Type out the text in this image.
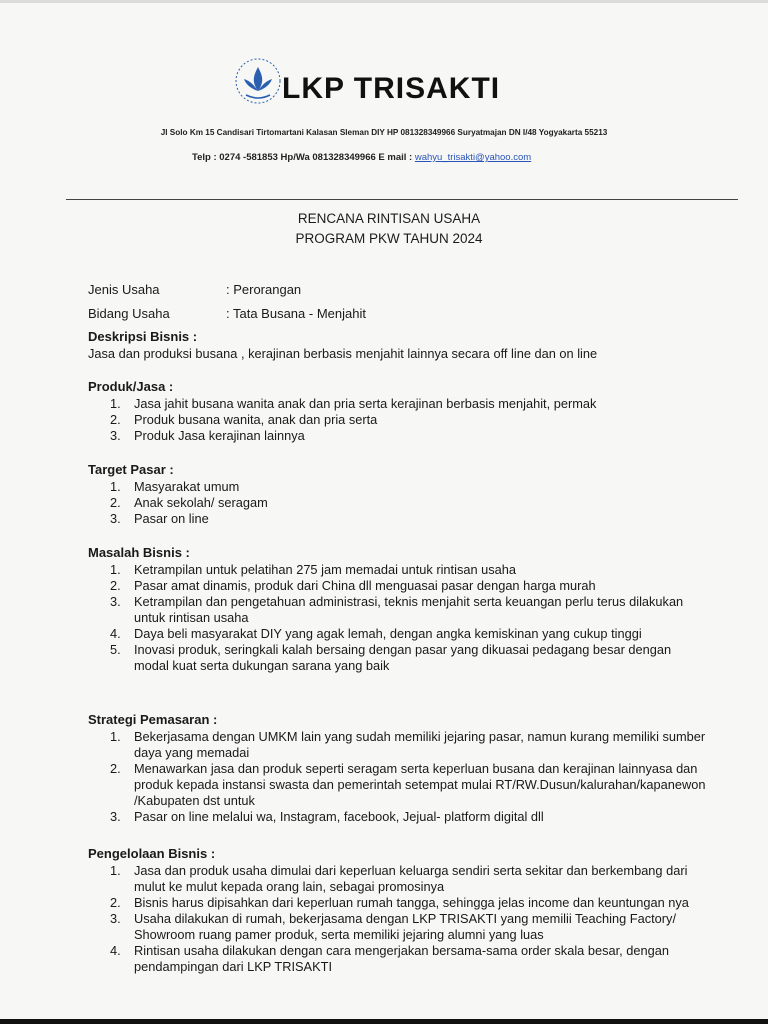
LKP TRISAKTI
Jl Solo Km 15 Candisari Tirtomartani Kalasan Sleman DIY HP 081328349966 Suryatmajan DN I/48 Yogyakarta 55213
Telp : 0274 -581853 Hp/Wa 081328349966 E mail : wahyu_trisakti@yahoo.com
RENCANA RINTISAN USAHA
PROGRAM PKW TAHUN 2024
Jenis Usaha	: Perorangan
Bidang Usaha	: Tata Busana - Menjahit
Deskripsi Bisnis :
Jasa dan produksi busana , kerajinan berbasis menjahit lainnya secara off line dan on line
Produk/Jasa :
1. Jasa jahit busana wanita anak dan pria serta kerajinan berbasis menjahit, permak
2. Produk busana wanita, anak dan pria serta
3. Produk Jasa kerajinan lainnya
Target Pasar :
1. Masyarakat umum
2. Anak sekolah/ seragam
3. Pasar on line
Masalah Bisnis :
1. Ketrampilan untuk pelatihan 275 jam memadai untuk rintisan usaha
2. Pasar amat dinamis, produk dari China dll menguasai pasar dengan harga murah
3. Ketrampilan dan pengetahuan administrasi, teknis menjahit serta keuangan perlu terus dilakukan untuk rintisan usaha
4. Daya beli masyarakat DIY yang agak lemah, dengan angka kemiskinan yang cukup tinggi
5. Inovasi produk, seringkali kalah bersaing dengan pasar yang dikuasai pedagang besar dengan modal kuat serta dukungan sarana yang baik
Strategi Pemasaran :
1. Bekerjasama dengan UMKM lain yang sudah memiliki jejaring pasar, namun kurang memiliki sumber daya yang memadai
2. Menawarkan jasa dan produk seperti seragam serta keperluan busana dan kerajinan lainnyasa dan produk kepada instansi swasta dan pemerintah setempat mulai RT/RW.Dusun/kalurahan/kapanewon /Kabupaten dst untuk
3. Pasar on line melalui wa, Instagram, facebook, Jejual- platform digital dll
Pengelolaan Bisnis :
1. Jasa dan produk usaha dimulai dari keperluan keluarga sendiri serta sekitar dan berkembang dari mulut ke mulut kepada orang lain, sebagai promosinya
2. Bisnis harus dipisahkan dari keperluan rumah tangga, sehingga jelas income dan keuntungan nya
3. Usaha dilakukan di rumah, bekerjasama dengan LKP TRISAKTI yang memilii Teaching Factory/ Showroom ruang pamer produk, serta memiliki jejaring alumni yang luas
4. Rintisan usaha dilakukan dengan cara mengerjakan bersama-sama order skala besar, dengan pendampingan dari LKP TRISAKTI
